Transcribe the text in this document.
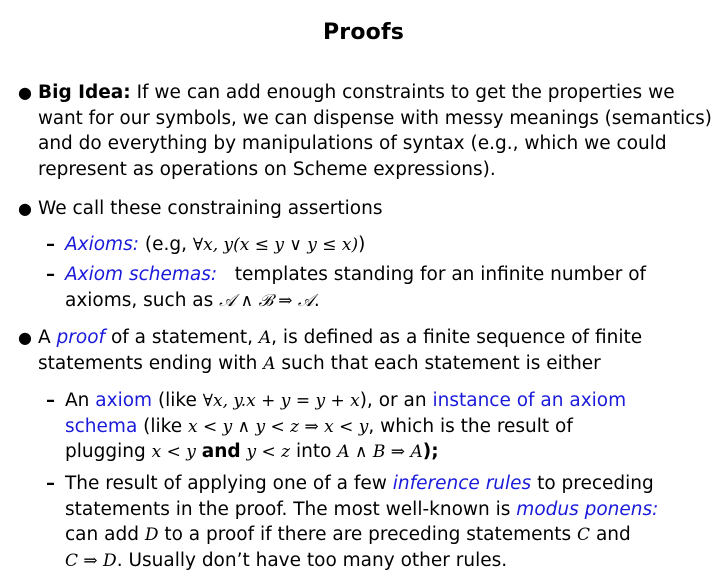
Proofs
● Big Idea: If we can add enough constraints to get the properties we
want for our symbols, we can dispense with messy meanings (semantics)
and do everything by manipulations of syntax (e.g., which we could
represent as operations on Scheme expressions).
● We call these constraining assertions
– Axioms: (e.g, ∀x, y(x ≤ y ∨ y ≤ x))
– Axiom schemas: templates standing for an infinite number of
axioms, such as 𝒜 ∧ ℬ ⇒ 𝒜.
● A proof of a statement, A, is defined as a finite sequence of finite
statements ending with A such that each statement is either
– An axiom (like ∀x, y.x + y = y + x), or an instance of an axiom
schema (like x < y ∧ y < z ⇒ x < y, which is the result of
plugging x < y and y < z into A ∧ B ⇒ A);
– The result of applying one of a few inference rules to preceding
statements in the proof. The most well-known is modus ponens:
can add D to a proof if there are preceding statements C and
C ⇒ D. Usually don’t have too many other rules.
